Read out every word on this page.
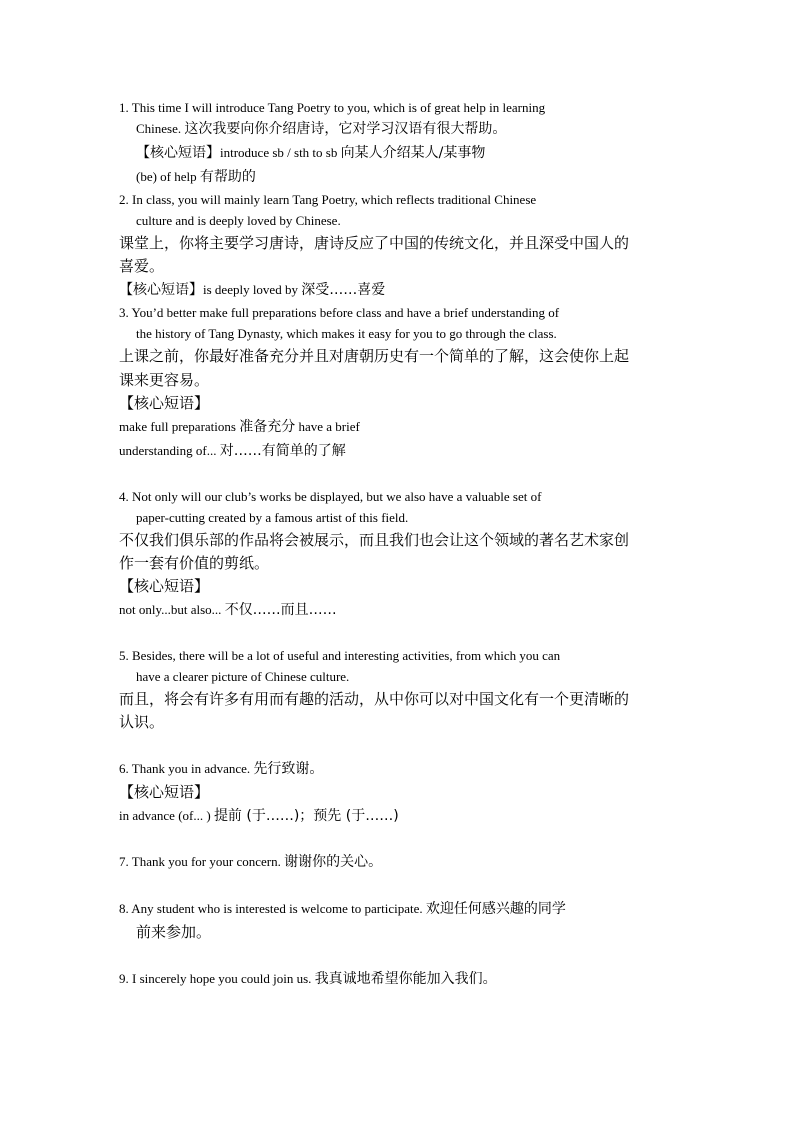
1. This time I will introduce Tang Poetry to you, which is of great help in learning
Chinese. 这次我要向你介绍唐诗，它对学习汉语有很大帮助。
【核心短语】introduce sb / sth to sb 向某人介绍某人/某事物
(be) of help 有帮助的
2. In class, you will mainly learn Tang Poetry, which reflects traditional Chinese
culture and is deeply loved by Chinese.
课堂上，你将主要学习唐诗，唐诗反应了中国的传统文化，并且深受中国人的
喜爱。
【核心短语】is deeply loved by 深受……喜爱
3. You’d better make full preparations before class and have a brief understanding of
the history of Tang Dynasty, which makes it easy for you to go through the class.
上课之前，你最好准备充分并且对唐朝历史有一个简单的了解，这会使你上起
课来更容易。
【核心短语】
make full preparations 准备充分 have a brief
understanding of... 对……有简单的了解
4. Not only will our club’s works be displayed, but we also have a valuable set of
paper-cutting created by a famous artist of this field.
不仅我们俱乐部的作品将会被展示，而且我们也会让这个领域的著名艺术家创
作一套有价值的剪纸。
【核心短语】
not only...but also... 不仅……而且……
5. Besides, there will be a lot of useful and interesting activities, from which you can
have a clearer picture of Chinese culture.
而且，将会有许多有用而有趣的活动，从中你可以对中国文化有一个更清晰的
认识。
6. Thank you in advance. 先行致谢。
【核心短语】
in advance (of... ) 提前 (于……)；预先 (于……)
7. Thank you for your concern. 谢谢你的关心。
8. Any student who is interested is welcome to participate. 欢迎任何感兴趣的同学
前来参加。
9. I sincerely hope you could join us. 我真诚地希望你能加入我们。
